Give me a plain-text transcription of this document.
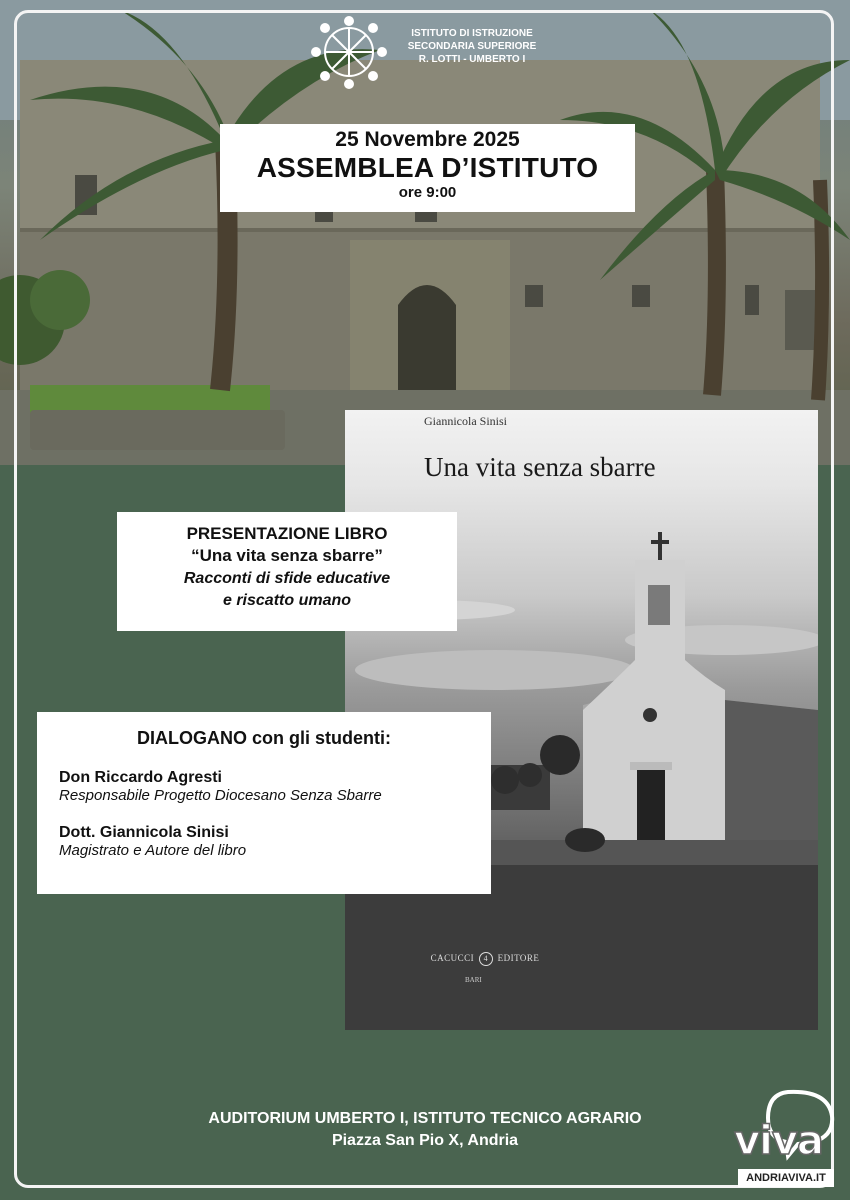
ISTITUTO DI ISTRUZIONE
SECONDARIA SUPERIORE
R. LOTTI - UMBERTO I
25 Novembre 2025
ASSEMBLEA D’ISTITUTO
ore 9:00
Giannicola Sinisi
Una vita senza sbarre
CACUCCI 4 EDITORE
BARI
PRESENTAZIONE LIBRO
“Una vita senza sbarre”
Racconti di sfide educative
e riscatto umano
DIALOGANO con gli studenti:
Don Riccardo Agresti
Responsabile Progetto Diocesano Senza Sbarre
Dott. Giannicola Sinisi
Magistrato e Autore del libro
AUDITORIUM UMBERTO I, ISTITUTO TECNICO AGRARIO
Piazza San Pio X, Andria	viva
ANDRIAVIVA.IT
